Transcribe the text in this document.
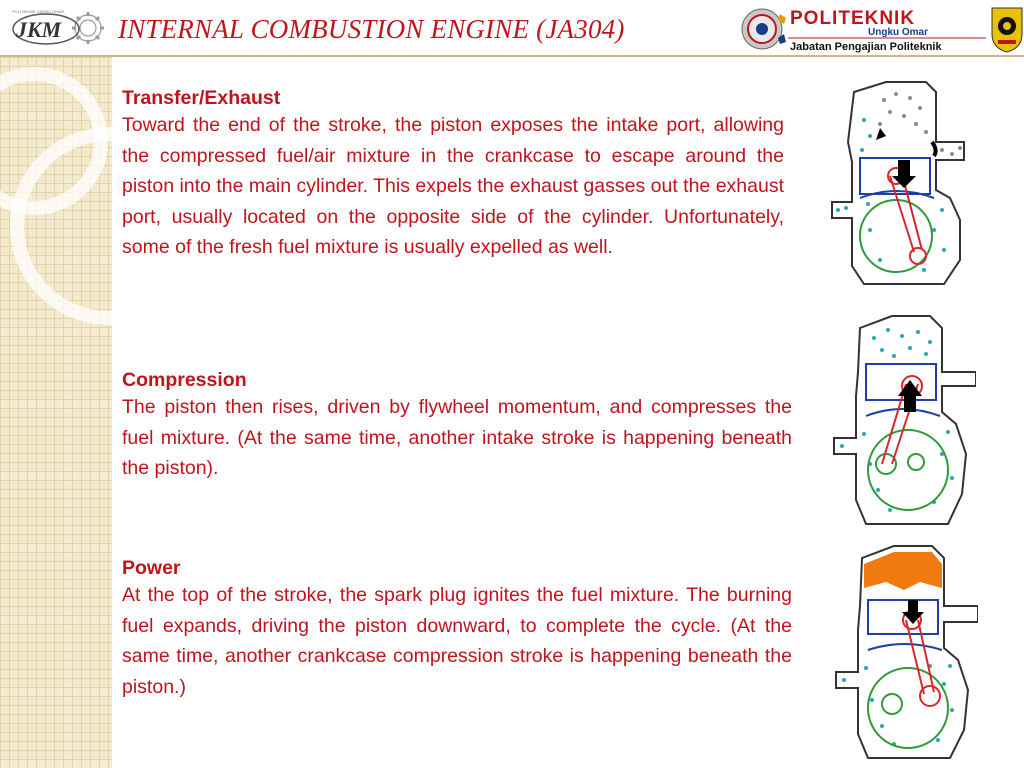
JKM
POLITEKNIK UNGKU OMAR
INTERNAL COMBUSTION ENGINE (JA304)	POLITEKNIK
Ungku Omar
Jabatan Pengajian Politeknik
Transfer/Exhaust

Toward the end of the stroke, the piston exposes the intake port, allowing the compressed fuel/air mixture in the crankcase to escape around the piston into the main cylinder. This expels the exhaust gasses out the exhaust port, usually located on the opposite side of the cylinder. Unfortunately, some of the fresh fuel mixture is usually expelled as well.

Compression

The piston then rises, driven by flywheel momentum, and compresses the fuel mixture. (At the same time, another intake stroke is happening beneath the piston).

Power

At the top of the stroke, the spark plug ignites the fuel mixture. The burning fuel expands, driving the piston downward, to complete the cycle. (At the same time, another crankcase compression stroke is happening beneath the piston.)
